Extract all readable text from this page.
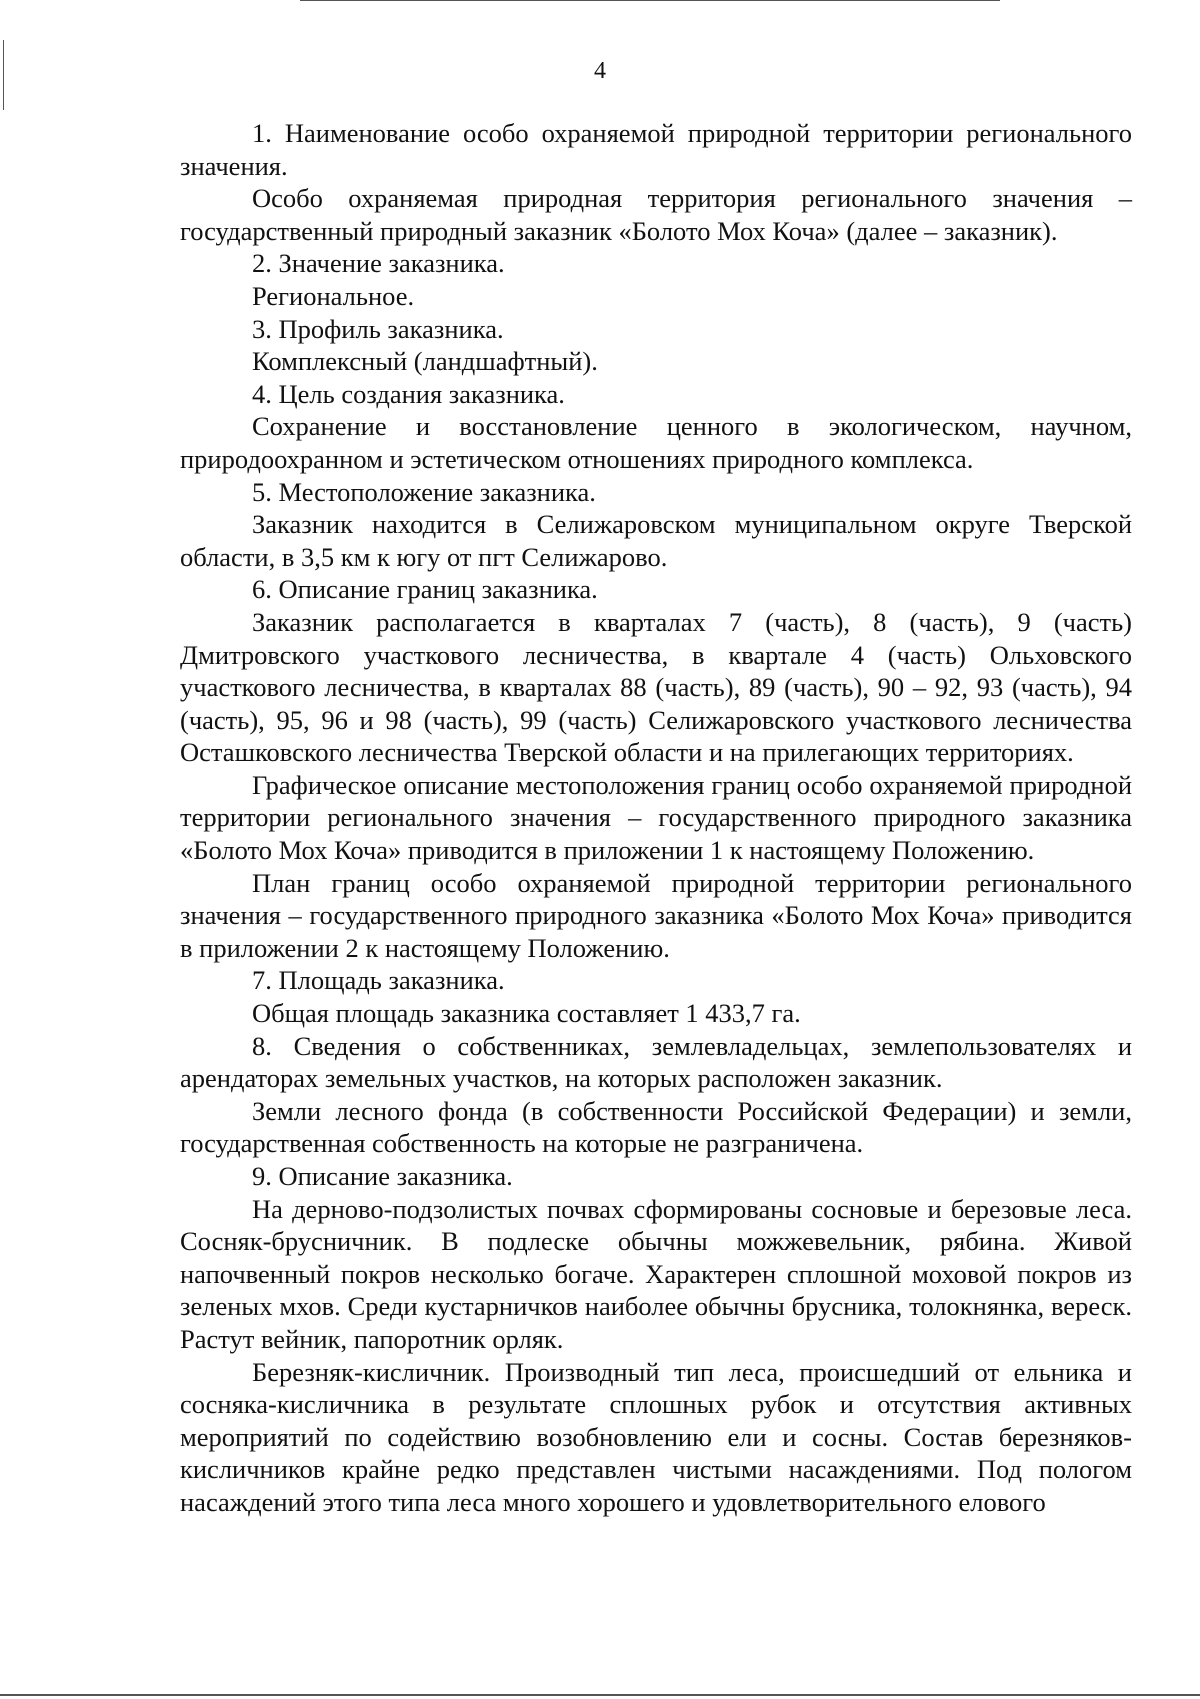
4

1. Наименование особо охраняемой природной территории регионального значения.

Особо охраняемая природная территория регионального значения – государственный природный заказник «Болото Мох Коча» (далее – заказник).

2. Значение заказника.

Региональное.

3. Профиль заказника.

Комплексный (ландшафтный).

4. Цель создания заказника.

Сохранение и восстановление ценного в экологическом, научном, природоохранном и эстетическом отношениях природного комплекса.

5. Местоположение заказника.

Заказник находится в Селижаровском муниципальном округе Тверской области, в 3,5 км к югу от пгт Селижарово.

6. Описание границ заказника.

Заказник располагается в кварталах 7 (часть), 8 (часть), 9 (часть) Дмитровского участкового лесничества, в квартале 4 (часть) Ольховского участкового лесничества, в кварталах 88 (часть), 89 (часть), 90 – 92, 93 (часть), 94 (часть), 95, 96 и 98 (часть), 99 (часть) Селижаровского участкового лесничества Осташковского лесничества Тверской области и на прилегающих территориях.

Графическое описание местоположения границ особо охраняемой природной территории регионального значения – государственного природного заказника «Болото Мох Коча» приводится в приложении 1 к настоящему Положению.

План границ особо охраняемой природной территории регионального значения – государственного природного заказника «Болото Мох Коча» приводится в приложении 2 к настоящему Положению.

7. Площадь заказника.

Общая площадь заказника составляет 1 433,7 га.

8. Сведения о собственниках, землевладельцах, землепользователях и арендаторах земельных участков, на которых расположен заказник.

Земли лесного фонда (в собственности Российской Федерации) и земли, государственная собственность на которые не разграничена.

9. Описание заказника.

На дерново-подзолистых почвах сформированы сосновые и березовые леса. Сосняк-брусничник. В подлеске обычны можжевельник, рябина. Живой напочвенный покров несколько богаче. Характерен сплошной моховой покров из зеленых мхов. Среди кустарничков наиболее обычны брусника, толокнянка, вереск. Растут вейник, папоротник орляк.

Березняк-кисличник. Производный тип леса, происшедший от ельника и сосняка-кисличника в результате сплошных рубок и отсутствия активных мероприятий по содействию возобновлению ели и сосны. Состав березняков-кисличников крайне редко представлен чистыми насаждениями. Под пологом насаждений этого типа леса много хорошего и удовлетворительного елового
